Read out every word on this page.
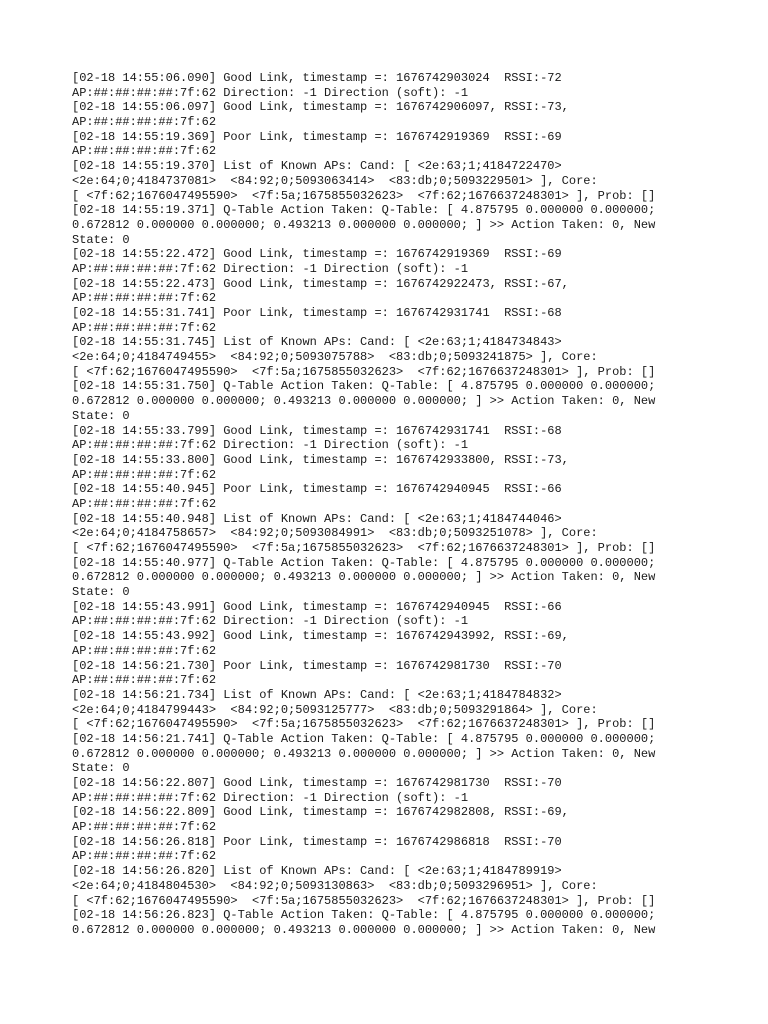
[02-18 14:55:06.090] Good Link, timestamp =: 1676742903024  RSSI:-72
AP:##:##:##:##:7f:62 Direction: -1 Direction (soft): -1
[02-18 14:55:06.097] Good Link, timestamp =: 1676742906097, RSSI:-73,
AP:##:##:##:##:7f:62
[02-18 14:55:19.369] Poor Link, timestamp =: 1676742919369  RSSI:-69
AP:##:##:##:##:7f:62
[02-18 14:55:19.370] List of Known APs: Cand: [ <2e:63;1;4184722470>
<2e:64;0;4184737081>  <84:92;0;5093063414>  <83:db;0;5093229501> ], Core:
[ <7f:62;1676047495590>  <7f:5a;1675855032623>  <7f:62;1676637248301> ], Prob: []
[02-18 14:55:19.371] Q-Table Action Taken: Q-Table: [ 4.875795 0.000000 0.000000;
0.672812 0.000000 0.000000; 0.493213 0.000000 0.000000; ] >> Action Taken: 0, New
State: 0
[02-18 14:55:22.472] Good Link, timestamp =: 1676742919369  RSSI:-69
AP:##:##:##:##:7f:62 Direction: -1 Direction (soft): -1
[02-18 14:55:22.473] Good Link, timestamp =: 1676742922473, RSSI:-67,
AP:##:##:##:##:7f:62
[02-18 14:55:31.741] Poor Link, timestamp =: 1676742931741  RSSI:-68
AP:##:##:##:##:7f:62
[02-18 14:55:31.745] List of Known APs: Cand: [ <2e:63;1;4184734843>
<2e:64;0;4184749455>  <84:92;0;5093075788>  <83:db;0;5093241875> ], Core:
[ <7f:62;1676047495590>  <7f:5a;1675855032623>  <7f:62;1676637248301> ], Prob: []
[02-18 14:55:31.750] Q-Table Action Taken: Q-Table: [ 4.875795 0.000000 0.000000;
0.672812 0.000000 0.000000; 0.493213 0.000000 0.000000; ] >> Action Taken: 0, New
State: 0
[02-18 14:55:33.799] Good Link, timestamp =: 1676742931741  RSSI:-68
AP:##:##:##:##:7f:62 Direction: -1 Direction (soft): -1
[02-18 14:55:33.800] Good Link, timestamp =: 1676742933800, RSSI:-73,
AP:##:##:##:##:7f:62
[02-18 14:55:40.945] Poor Link, timestamp =: 1676742940945  RSSI:-66
AP:##:##:##:##:7f:62
[02-18 14:55:40.948] List of Known APs: Cand: [ <2e:63;1;4184744046>
<2e:64;0;4184758657>  <84:92;0;5093084991>  <83:db;0;5093251078> ], Core:
[ <7f:62;1676047495590>  <7f:5a;1675855032623>  <7f:62;1676637248301> ], Prob: []
[02-18 14:55:40.977] Q-Table Action Taken: Q-Table: [ 4.875795 0.000000 0.000000;
0.672812 0.000000 0.000000; 0.493213 0.000000 0.000000; ] >> Action Taken: 0, New
State: 0
[02-18 14:55:43.991] Good Link, timestamp =: 1676742940945  RSSI:-66
AP:##:##:##:##:7f:62 Direction: -1 Direction (soft): -1
[02-18 14:55:43.992] Good Link, timestamp =: 1676742943992, RSSI:-69,
AP:##:##:##:##:7f:62
[02-18 14:56:21.730] Poor Link, timestamp =: 1676742981730  RSSI:-70
AP:##:##:##:##:7f:62
[02-18 14:56:21.734] List of Known APs: Cand: [ <2e:63;1;4184784832>
<2e:64;0;4184799443>  <84:92;0;5093125777>  <83:db;0;5093291864> ], Core:
[ <7f:62;1676047495590>  <7f:5a;1675855032623>  <7f:62;1676637248301> ], Prob: []
[02-18 14:56:21.741] Q-Table Action Taken: Q-Table: [ 4.875795 0.000000 0.000000;
0.672812 0.000000 0.000000; 0.493213 0.000000 0.000000; ] >> Action Taken: 0, New
State: 0
[02-18 14:56:22.807] Good Link, timestamp =: 1676742981730  RSSI:-70
AP:##:##:##:##:7f:62 Direction: -1 Direction (soft): -1
[02-18 14:56:22.809] Good Link, timestamp =: 1676742982808, RSSI:-69,
AP:##:##:##:##:7f:62
[02-18 14:56:26.818] Poor Link, timestamp =: 1676742986818  RSSI:-70
AP:##:##:##:##:7f:62
[02-18 14:56:26.820] List of Known APs: Cand: [ <2e:63;1;4184789919>
<2e:64;0;4184804530>  <84:92;0;5093130863>  <83:db;0;5093296951> ], Core:
[ <7f:62;1676047495590>  <7f:5a;1675855032623>  <7f:62;1676637248301> ], Prob: []
[02-18 14:56:26.823] Q-Table Action Taken: Q-Table: [ 4.875795 0.000000 0.000000;
0.672812 0.000000 0.000000; 0.493213 0.000000 0.000000; ] >> Action Taken: 0, New
